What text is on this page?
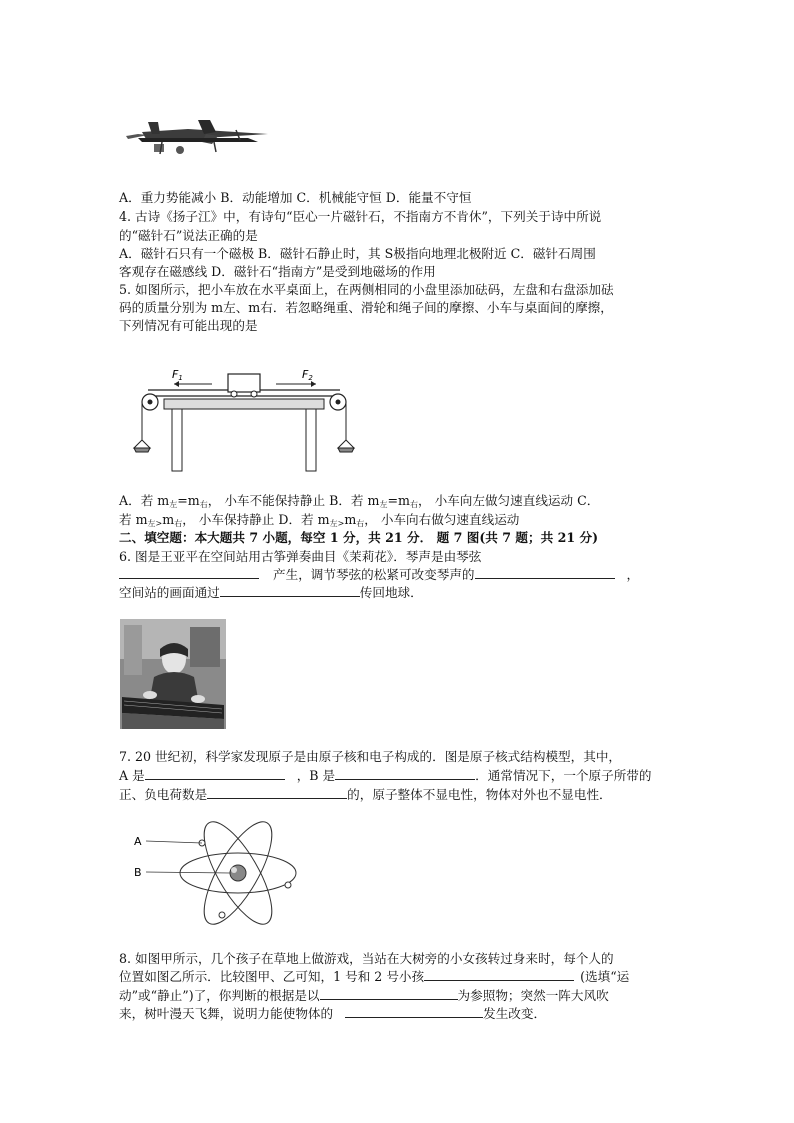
A．重力势能减小 B．动能增加 C．机械能守恒 D．能量不守恒
4. 古诗《扬子江》中，有诗句“臣心一片磁针石，不指南方不肯休”，下列关于诗中所说
的“磁针石”说法正确的是
A．磁针石只有一个磁极 B．磁针石静止时，其 S极指向地理北极附近 C．磁针石周围
客观存在磁感线 D．磁针石“指南方”是受到地磁场的作用
5. 如图所示，把小车放在水平桌面上，在两侧相同的小盘里添加砝码，左盘和右盘添加砝
码的质量分别为 m左、m右．若忽略绳重、滑轮和绳子间的摩擦、小车与桌面间的摩擦，
下列情况有可能出现的是
F1	F2
A．若 $m_左=m_右$， 小车不能保持静止 B．若 $m_左=m_右$， 小车向左做匀速直线运动 C．
若 $m_{左>}m_右$， 小车保持静止 D．若 $m_{左>}m_右$， 小车向右做匀速直线运动
二、填空题：本大题共 7 小题，每空 1 分，共 21 分． 题 7 图(共 7 题；共 21 分)
6. 图是王亚平在空间站用古筝弹奏曲目《茉莉花》．琴声是由琴弦
产生，调节琴弦的松紧可改变琴声的	，
空间站的画面通过	传回地球．
7. 20 世纪初，科学家发现原子是由原子核和电子构成的．图是原子核式结构模型，其中，
A 是	，B 是	．通常情况下，一个原子所带的
正、负电荷数是	的，原子整体不显电性，物体对外也不显电性．
A
B
8. 如图甲所示，几个孩子在草地上做游戏，当站在大树旁的小女孩转过身来时，每个人的
位置如图乙所示．比较图甲、乙可知，1 号和 2 号小孩	(选填“运
动”或“静止”)了，你判断的根据是以	为参照物；突然一阵大风吹
来，树叶漫天飞舞，说明力能使物体的	发生改变．
